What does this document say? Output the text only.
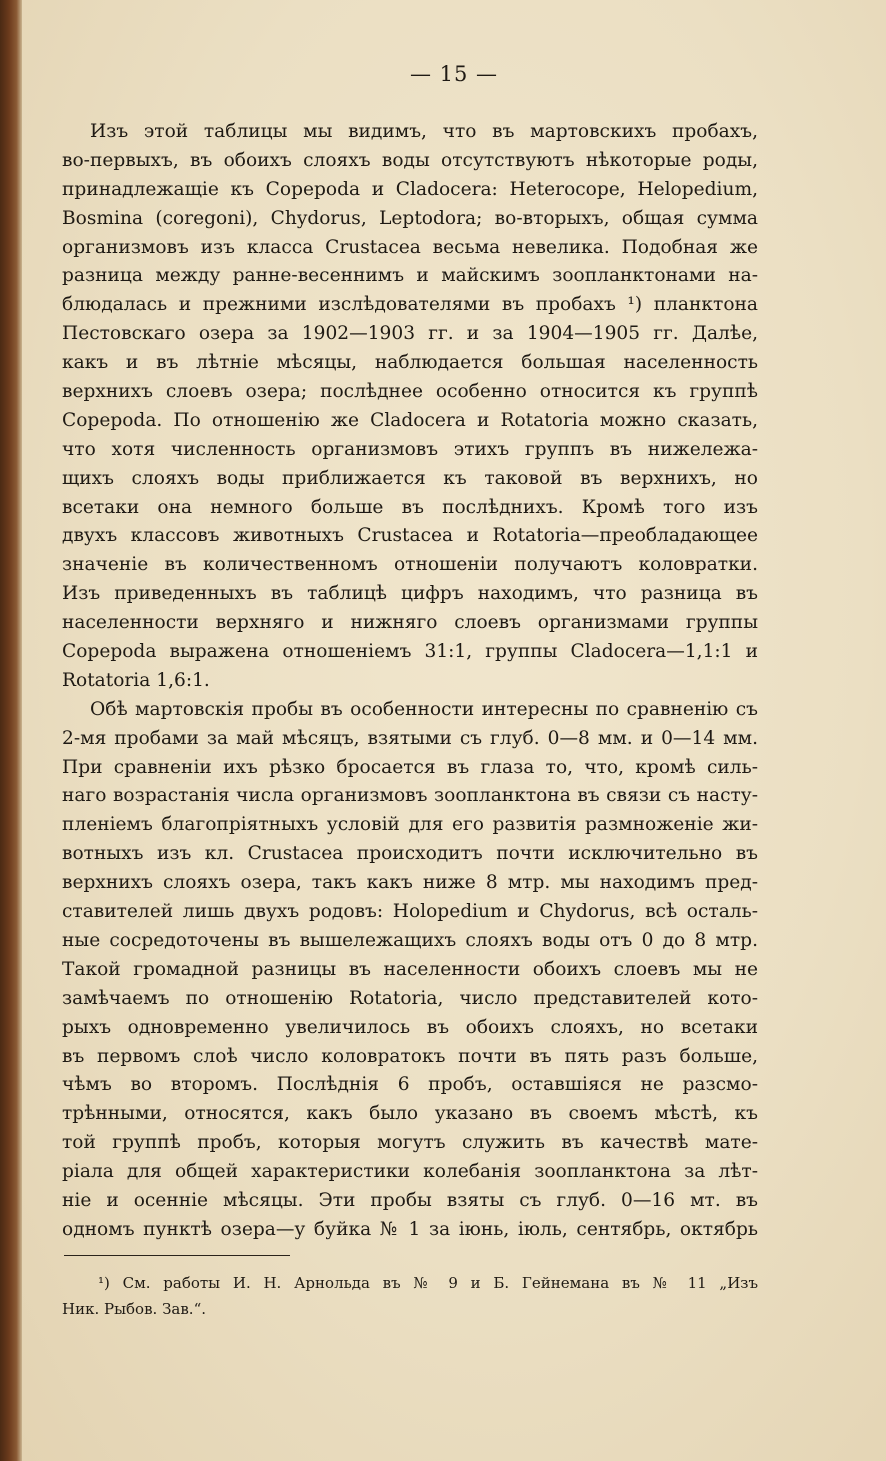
— 15 —
Изъ этой таблицы мы видимъ, что въ мартовскихъ пробахъ,
во-первыхъ, въ обоихъ слояхъ воды отсутствуютъ нѣкоторые роды,
принадлежащіе къ Copepoda и Cladocera: Heterocope, Helopedium,
Bosmina (coregoni), Chydorus, Leptodora; во-вторыхъ, общая сумма
организмовъ изъ класса Crustacea весьма невелика. Подобная же
разница между ранне-весеннимъ и майскимъ зоопланктонами на-
блюдалась и прежними изслѣдователями въ пробахъ ¹) планктона
Пестовскаго озера за 1902—1903 гг. и за 1904—1905 гг. Далѣе,
какъ и въ лѣтніе мѣсяцы, наблюдается большая населенность
верхнихъ слоевъ озера; послѣднее особенно относится къ группѣ
Copepoda. По отношенію же Cladocera и Rotatoria можно сказать,
что хотя численность организмовъ этихъ группъ въ нижележа-
щихъ слояхъ воды приближается къ таковой въ верхнихъ, но
всетаки она немного больше въ послѣднихъ. Кромѣ того изъ
двухъ классовъ животныхъ Crustacea и Rotatoria—преобладающее
значеніе въ количественномъ отношеніи получаютъ коловратки.
Изъ приведенныхъ въ таблицѣ цифръ находимъ, что разница въ
населенности верхняго и нижняго слоевъ организмами группы
Copepoda выражена отношеніемъ 31:1, группы Cladocera—1,1:1 и
Rotatoria 1,6:1.
Обѣ мартовскія пробы въ особенности интересны по сравненію съ
2-мя пробами за май мѣсяцъ, взятыми съ глуб. 0—8 мм. и 0—14 мм.
При сравненіи ихъ рѣзко бросается въ глаза то, что, кромѣ силь-
наго возрастанія числа организмовъ зоопланктона въ связи съ насту-
пленіемъ благопріятныхъ условій для его развитія размноженіе жи-
вотныхъ изъ кл. Crustacea происходитъ почти исключительно въ
верхнихъ слояхъ озера, такъ какъ ниже 8 мтр. мы находимъ пред-
ставителей лишь двухъ родовъ: Holopedium и Chydorus, всѣ осталь-
ные сосредоточены въ вышележащихъ слояхъ воды отъ 0 до 8 мтр.
Такой громадной разницы въ населенности обоихъ слоевъ мы не
замѣчаемъ по отношенію Rotatoria, число представителей кото-
рыхъ одновременно увеличилось въ обоихъ слояхъ, но всетаки
въ первомъ слоѣ число коловратокъ почти въ пять разъ больше,
чѣмъ во второмъ. Послѣднія 6 пробъ, оставшіяся не разсмо-
трѣнными, относятся, какъ было указано въ своемъ мѣстѣ, къ
той группѣ пробъ, которыя могутъ служить въ качествѣ мате-
ріала для общей характеристики колебанія зоопланктона за лѣт-
ніе и осенніе мѣсяцы. Эти пробы взяты съ глуб. 0—16 мт. въ
одномъ пунктѣ озера—у буйка № 1 за іюнь, іюль, сентябрь, октябрь
¹) См. работы И. Н. Арнольда въ № 9 и Б. Гейнемана въ № 11 „Изъ
Ник. Рыбов. Зав.“.
